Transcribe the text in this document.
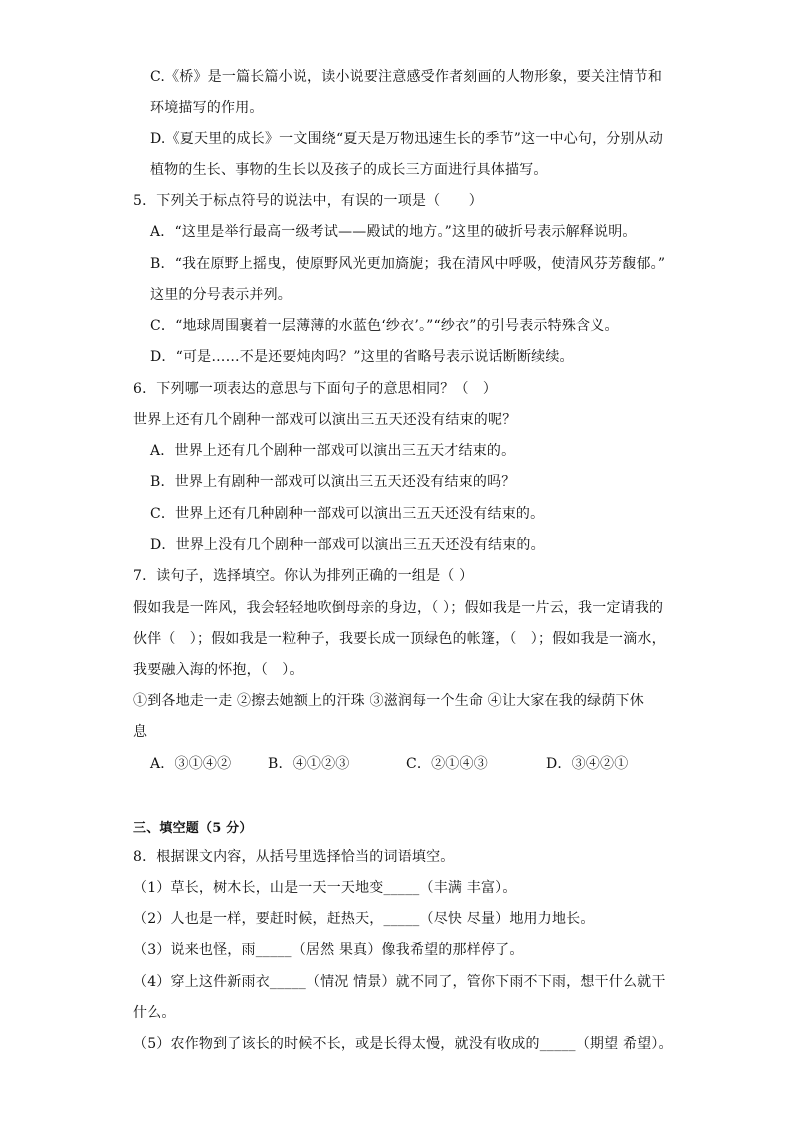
C.《桥》是一篇长篇小说，读小说要注意感受作者刻画的人物形象，要关注情节和
环境描写的作用。
D.《夏天里的成长》一文围绕“夏天是万物迅速生长的季节”这一中心句，分别从动
植物的生长、事物的生长以及孩子的成长三方面进行具体描写。
5．下列关于标点符号的说法中，有误的一项是（　　）
A．“这里是举行最高一级考试——殿试的地方。”这里的破折号表示解释说明。
B．“我在原野上摇曳，使原野风光更加旖旎；我在清风中呼吸，使清风芬芳馥郁。”
这里的分号表示并列。
C．“地球周围裹着一层薄薄的水蓝色‘纱衣’。”“纱衣”的引号表示特殊含义。
D．“可是……不是还要炖肉吗？”这里的省略号表示说话断断续续。
6．下列哪一项表达的意思与下面句子的意思相同？（　）
世界上还有几个剧种一部戏可以演出三五天还没有结束的呢？
A．世界上还有几个剧种一部戏可以演出三五天才结束的。
B．世界上有剧种一部戏可以演出三五天还没有结束的吗？
C．世界上还有几种剧种一部戏可以演出三五天还没有结束的。
D．世界上没有几个剧种一部戏可以演出三五天还没有结束的。
7．读句子，选择填空。你认为排列正确的一组是（ ）
假如我是一阵风，我会轻轻地吹倒母亲的身边，（ ）；假如我是一片云，我一定请我的
伙伴（　）；假如我是一粒种子，我要长成一顶绿色的帐篷，（　）；假如我是一滴水，
我要融入海的怀抱，（　）。
①到各地走一走 ②擦去她额上的汗珠 ③滋润每一个生命 ④让大家在我的绿荫下休
息
A．③①④②	B．④①②③	C．②①④③	D．③④②①
三、填空题（5 分）
8．根据课文内容，从括号里选择恰当的词语填空。
（1）草长，树木长，山是一天一天地变_____（丰满 丰富）。
（2）人也是一样，要赶时候，赶热天，_____（尽快 尽量）地用力地长。
（3）说来也怪，雨_____（居然 果真）像我希望的那样停了。
（4）穿上这件新雨衣_____（情况 情景）就不同了，管你下雨不下雨，想干什么就干
什么。
（5）农作物到了该长的时候不长，或是长得太慢，就没有收成的_____（期望 希望）。
